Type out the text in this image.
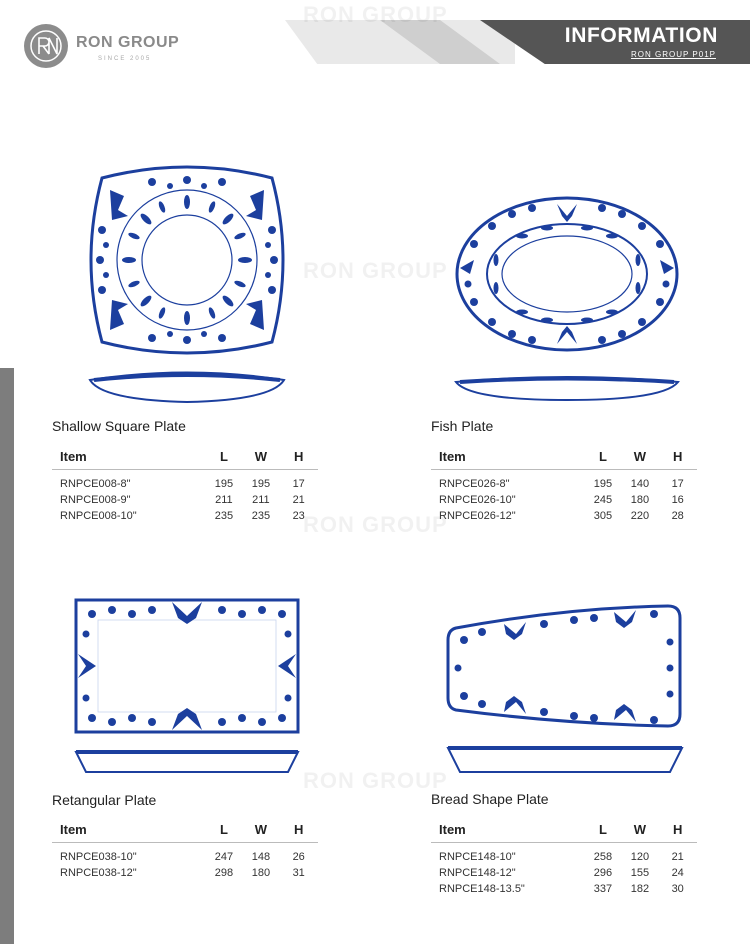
RON GROUP
SINCE 2005
INFORMATION
RON GROUP P01P
RON GROUP
RON GROUP
RON GROUP
RON GROUP
Shallow Square Plate
Item	L	W	H
RNPCE008-8"	195	195	17
RNPCE008-9"	211	211	21
RNPCE008-10"	235	235	23
Fish Plate
Item	L	W	H
RNPCE026-8"	195	140	17
RNPCE026-10"	245	180	16
RNPCE026-12"	305	220	28
Retangular Plate
Item	L	W	H
RNPCE038-10"	247	148	26
RNPCE038-12"	298	180	31
Bread Shape Plate
Item	L	W	H
RNPCE148-10"	258	120	21
RNPCE148-12"	296	155	24
RNPCE148-13.5"	337	182	30
